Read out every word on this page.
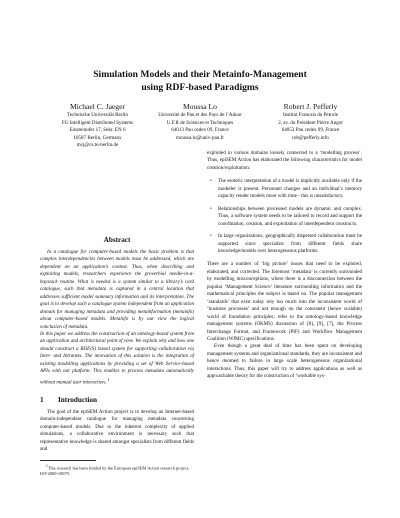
Simulation Models and their Metainfo-Management
using RDF-based Paradigms
Michael C. Jaeger
Technische Universität Berlin
FG Intelligent Distributed Systems
Einsteinufer 17, Sekr. EN 6
10587 Berlin, Germany
mcj@cs.tu-berlin.de
Moussa Lo
Université de Pau et des Pays de l’Adour
U.F.R de Sciences et Techniques
64013 Pau cedex 09, France
moussa.lo@univ-pau.fr
Robert J. Pefferly
Institut Francais du Petrole
2, av. du Président Pierre Angot
64053 Pau cedex 09, France
rob@pefferly.info
Abstract

In a catalogue for computer-based models the basic problem is that complex interdependencies between models must be addressed, which are dependent on an application’s context. Thus, when describing and exploiting models, researchers experience the proverbial needle-in-a-haystack routine. What is needed is a system similar to a library’s card catalogue, such that metadata is captured in a central location that addresses sufficient model summary information and its interpretation. The goal is to develop such a catalogue system independent from an application domain for managing metadata and providing metainformation (metainfo) about computer-based models. Metainfo is by our view the logical conclusion of metadata.

In this paper we address the construction of an ontology-based system from an application and architectural point of view. We explain why and how one should construct a RDF(S) based system for supporting collaboration via Inter- and Intranets. The innovation of this solution is the integration of existing modelling applications by providing a set of Web Service-based APIs with our platform. This enables to process metadata automatically without manual user interaction. $^1$

1 Introduction

The goal of the epiSEM Action project is to develop an Internet-based domain-independent catalogue for managing metadata concerning computer-based models. Due to the inherent complexity of applied simulations, a collaborative environment is necessary such that representative knowledge is shared amongst specialists from different fields and

$^1$This research has been funded by the European epiSEM Action research project, IST-2000-10079.

exploited in various domains loosely connected to a ‘modelling process’. Thus, epiSEM Action has elaborated the following characteristics for model creation/exploitation:

• The esoteric interpretation of a model is implicitly available only if the modeller is present. Personnel changes and an individual’s memory capacity render models moot with time - this is unsatisfactory.
• Relationships between processed models are dynamic and complex. Thus, a software system needs to be tailored to record and support the coordination, creation, and exploitation of interdependent constructs.
• In large organizations, geographically dispersed collaboration must be supported since specialists from different fields share knowledge/models over heterogeneous platforms.

There are a number of ‘big picture’ issues that need to be explored, elaborated, and corrected. The foremost ‘metadata’ is currently surrounded by modelling misconceptions, where there is a disconnection between the popular ‘Management Science’ literature surrounding informatics and the mathematical principles the subject is based on. The popular management ‘standards’ that exist today rely too much into the inconsistent world of ‘business processes’ and not enough on the consistent (hence scalable) world of foundation principles; refer to the ontology-based knowledge management systems (OKMS) discussion of [8], [9], [7], the Process Interchange Format, and Framework (PIF) and Workflow Management Coalition (WfMC) specifications.

Even though a great deal of time has been spent on developing management systems and organizational standards, they are inconsistent and hence doomed to failure in large scale heterogeneous organizational interactions. Thus, this paper will try to address applications as well as approachable theory for the construction of ‘workable sys-
